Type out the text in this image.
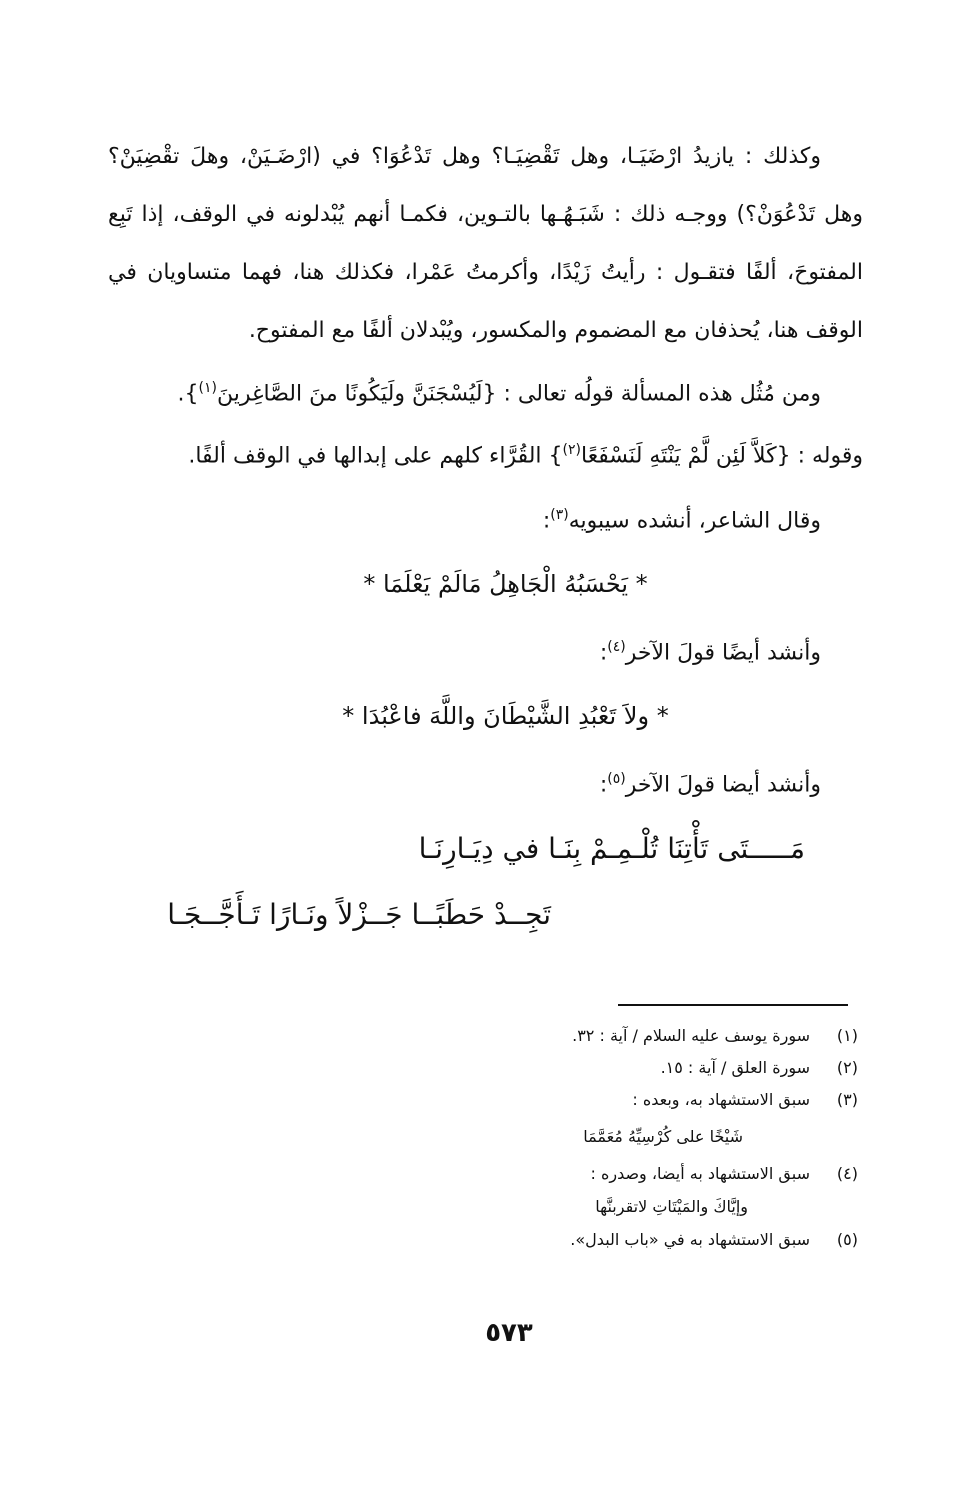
وكذلك : يازيدُ ارْضَيَـا، وهل تَقْضِيَـا؟ وهل تَدْعُوَا؟ في (ارْضَـيَنْ، وهلَ تقْضِيَنْ؟ وهل تَدْعُوَنْ؟) ووجـه ذلك : شَبَـهُـها بالتـوين، فكمـا أنهم يُبْدلونه في الوقف، إذا تَبِع المفتوحَ، ألفًا فتقـول : رأيتُ زَيْدًا، وأكرمتُ عَمْرا، فكذلك هنا، فهما متساويان في الوقف هنا، يُحذفان مع المضموم والمكسور، ويُبْدلان ألفًا مع المفتوح.

ومن مُثُل هذه المسألة قولُه تعالى : {لَيُسْجَنَنَّ ولَيَكُونًا منَ الصَّاغِرينَ$^{(١)}$}.

وقوله : {كَلاَّ لَئِن لَّمْ يَنْتَهِ لَنَسْفَعًا$^{(٢)}$} القُرَّاء كلهم على إبدالها في الوقف ألفًا.

وقال الشاعر، أنشده سيبويه$^{(٣)}$:

* يَحْسَبُهُ الْجَاهِلُ مَالَمْ يَعْلَمَا *

وأنشد أيضًا قولَ الآخر$^{(٤)}$:

* ولاَ تَعْبُدِ الشَّيْطَانَ واللَّهَ فاعْبُدَا *

وأنشد أيضا قولَ الآخر$^{(٥)}$:

مَـــــتَى تَأْتِنَا تُلْـمِـمْ بِنَـا في دِيَـارِنَـا

تَجِــدْ حَطَبًــا جَــزْلاً ونَـارًا تَـأَجَّــجَـا

(١)
سورة يوسف عليه السلام / آية : ٣٢.
(٢)
سورة العلق / آية : ١٥.
(٣)
سبق الاستشهاد به، وبعده :
شَيْخًا على كُرْسِيِّهُ مُعَمَّمَا
(٤)
سبق الاستشهاد به أيضا، وصدره :
وإيَّاكَ والمَيْتَاتِ لاتقربنَّها
(٥)
سبق الاستشهاد به في «باب البدل».
٥٧٣
